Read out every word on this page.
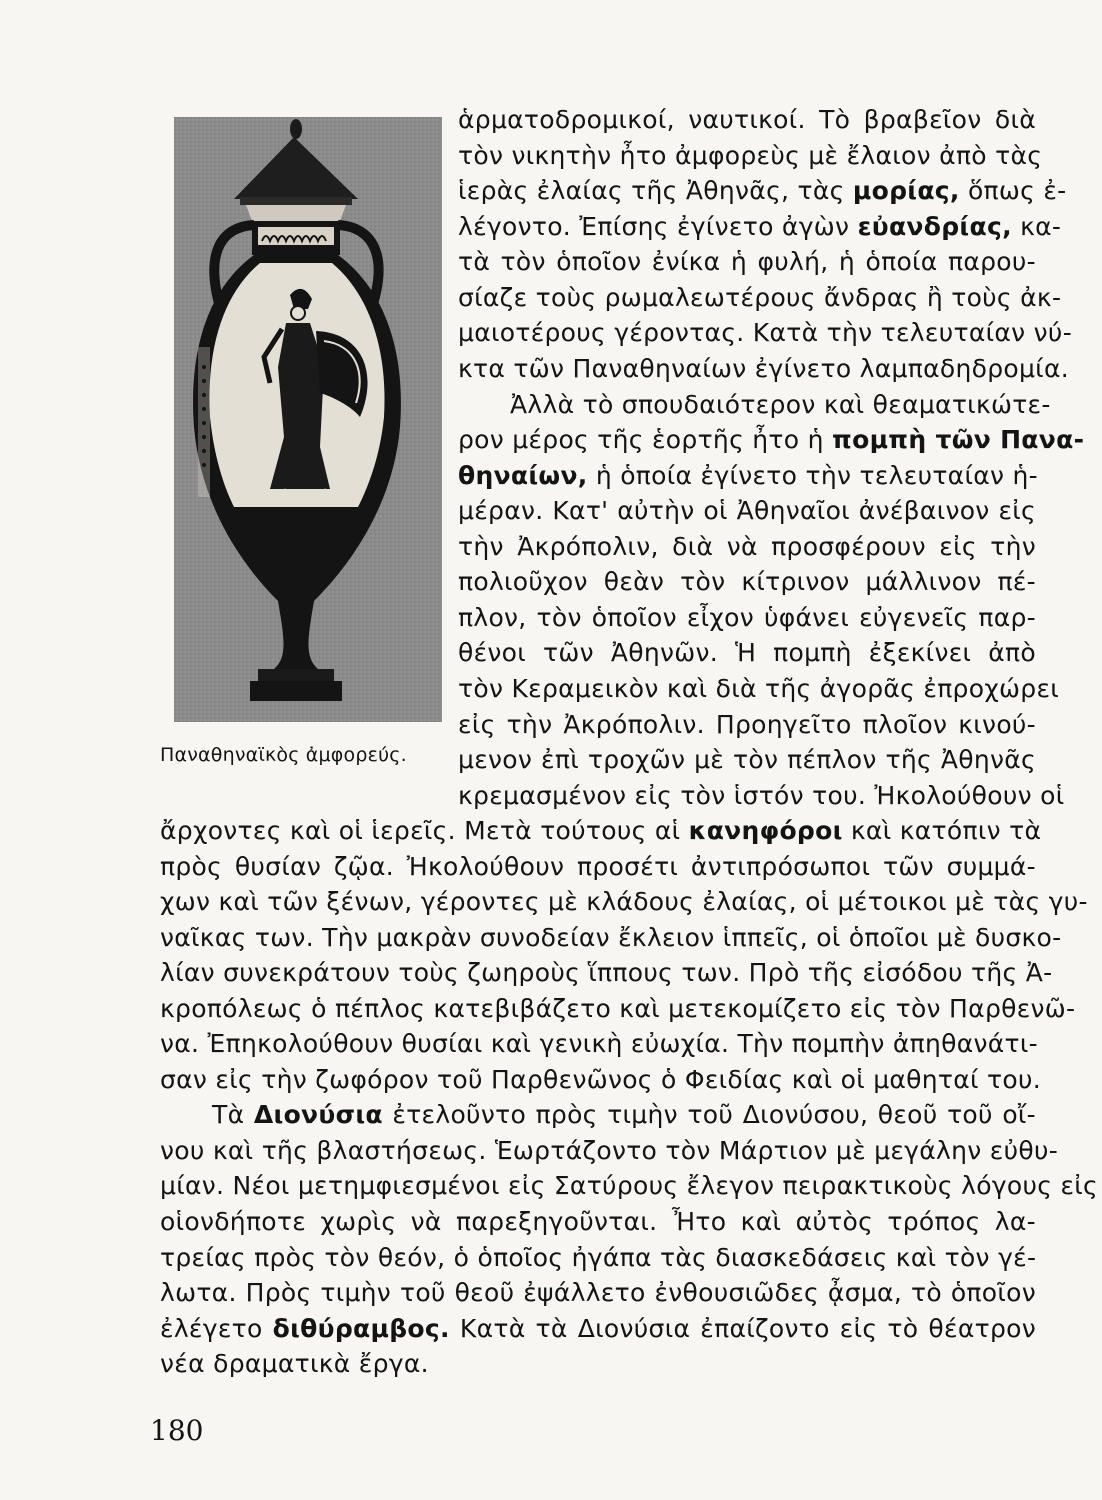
Παναθηναϊκὸς ἀμφορεύς.
ἁρματοδρομικοί, ναυτικοί. Τὸ βραβεῖον διὰ
τὸν νικητὴν ἦτο ἀμφορεὺς μὲ ἔλαιον ἀπὸ τὰς
ἱερὰς ἐλαίας τῆς Ἀθηνᾶς, τὰς μορίας, ὅπως ἐ-
λέγοντο. Ἐπίσης ἐγίνετο ἀγὼν εὐανδρίας, κα-
τὰ τὸν ὁποῖον ἐνίκα ἡ φυλή, ἡ ὁποία παρου-
σίαζε τοὺς ρωμαλεωτέρους ἄνδρας ἢ τοὺς ἀκ-
μαιοτέρους γέροντας. Κατὰ τὴν τελευταίαν νύ-
κτα τῶν Παναθηναίων ἐγίνετο λαμπαδηδρομία.
Ἀλλὰ τὸ σπουδαιότερον καὶ θεαματικώτε-
ρον μέρος τῆς ἑορτῆς ἦτο ἡ πομπὴ τῶν Πανα-
θηναίων, ἡ ὁποία ἐγίνετο τὴν τελευταίαν ἡ-
μέραν. Κατ' αὐτὴν οἱ Ἀθηναῖοι ἀνέβαινον εἰς
τὴν Ἀκρόπολιν, διὰ νὰ προσφέρουν εἰς τὴν
πολιοῦχον θεὰν τὸν κίτρινον μάλλινον πέ-
πλον, τὸν ὁποῖον εἶχον ὑφάνει εὐγενεῖς παρ-
θένοι τῶν Ἀθηνῶν. Ἡ πομπὴ ἐξεκίνει ἀπὸ
τὸν Κεραμεικὸν καὶ διὰ τῆς ἀγορᾶς ἐπροχώρει
εἰς τὴν Ἀκρόπολιν. Προηγεῖτο πλοῖον κινού-
μενον ἐπὶ τροχῶν μὲ τὸν πέπλον τῆς Ἀθηνᾶς
κρεμασμένον εἰς τὸν ἱστόν του. Ἠκολούθουν οἱ
ἄρχοντες καὶ οἱ ἱερεῖς. Μετὰ τούτους αἱ κανηφόροι καὶ κατόπιν τὰ
πρὸς θυσίαν ζῷα. Ἠκολούθουν προσέτι ἀντιπρόσωποι τῶν συμμά-
χων καὶ τῶν ξένων, γέροντες μὲ κλάδους ἐλαίας, οἱ μέτοικοι μὲ τὰς γυ-
ναῖκας των. Τὴν μακρὰν συνοδείαν ἔκλειον ἱππεῖς, οἱ ὁποῖοι μὲ δυσκο-
λίαν συνεκράτουν τοὺς ζωηροὺς ἵππους των. Πρὸ τῆς εἰσόδου τῆς Ἀ-
κροπόλεως ὁ πέπλος κατεβιβάζετο καὶ μετεκομίζετο εἰς τὸν Παρθενῶ-
να. Ἐπηκολούθουν θυσίαι καὶ γενικὴ εὐωχία. Τὴν πομπὴν ἀπηθανάτι-
σαν εἰς τὴν ζωφόρον τοῦ Παρθενῶνος ὁ Φειδίας καὶ οἱ μαθηταί του.
Τὰ Διονύσια ἐτελοῦντο πρὸς τιμὴν τοῦ Διονύσου, θεοῦ τοῦ οἴ-
νου καὶ τῆς βλαστήσεως. Ἑωρτάζοντο τὸν Μάρτιον μὲ μεγάλην εὐθυ-
μίαν. Νέοι μετημφιεσμένοι εἰς Σατύρους ἔλεγον πειρακτικοὺς λόγους εἰς
οἱονδήποτε χωρὶς νὰ παρεξηγοῦνται. Ἦτο καὶ αὐτὸς τρόπος λα-
τρείας πρὸς τὸν θεόν, ὁ ὁποῖος ἠγάπα τὰς διασκεδάσεις καὶ τὸν γέ-
λωτα. Πρὸς τιμὴν τοῦ θεοῦ ἐψάλλετο ἐνθουσιῶδες ᾆσμα, τὸ ὁποῖον
ἐλέγετο διθύραμβος. Κατὰ τὰ Διονύσια ἐπαίζοντο εἰς τὸ θέατρον
νέα δραματικὰ ἔργα.
180
